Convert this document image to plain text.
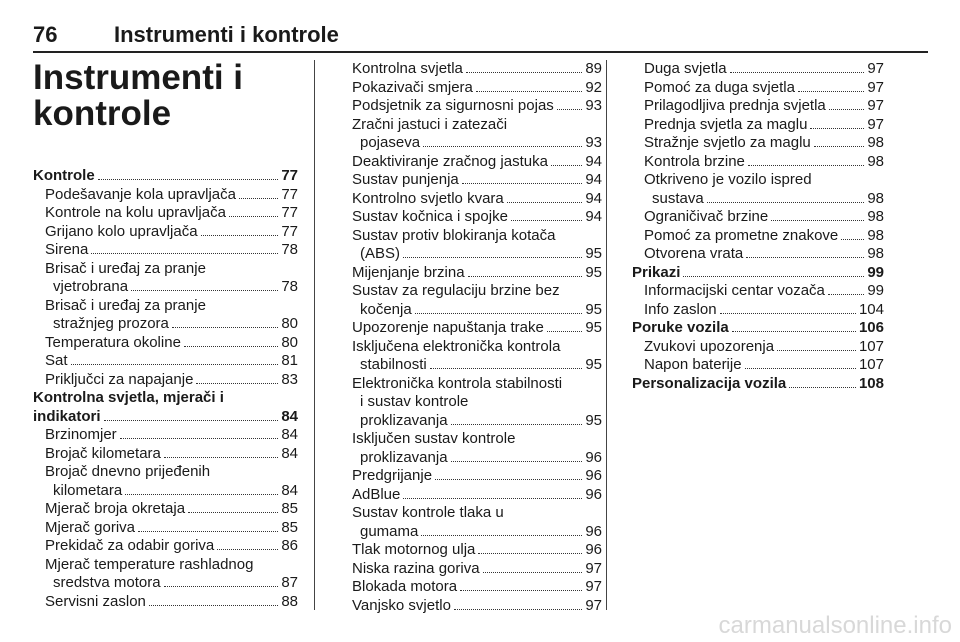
76	Instrumenti i kontrole
Instrumenti i
kontrole
Kontrole	77
Podešavanje kola upravljača	77
Kontrole na kolu upravljača	77
Grijano kolo upravljača	77
Sirena	78
Brisač i uređaj za pranje
vjetrobrana	78
Brisač i uređaj za pranje
stražnjeg prozora	80
Temperatura okoline	80
Sat	81
Priključci za napajanje	83
Kontrolna svjetla, mjerači i
indikatori	84
Brzinomjer	84
Brojač kilometara	84
Brojač dnevno prijeđenih
kilometara	84
Mjerač broja okretaja	85
Mjerač goriva	85
Prekidač za odabir goriva	86
Mjerač temperature rashladnog
sredstva motora	87
Servisni zaslon	88
Kontrolna svjetla	89
Pokazivači smjera	92
Podsjetnik za sigurnosni pojas 93
Zračni jastuci i zatezači
pojaseva	93
Deaktiviranje zračnog jastuka 94
Sustav punjenja	94
Kontrolno svjetlo kvara	94
Sustav kočnica i spojke	94
Sustav protiv blokiranja kotača
(ABS)	95
Mijenjanje brzina	95
Sustav za regulaciju brzine bez
kočenja	95
Upozorenje napuštanja trake	95
Isključena elektronička kontrola
stabilnosti	95
Elektronička kontrola stabilnosti
i sustav kontrole
proklizavanja	95
Isključen sustav kontrole
proklizavanja	96
Predgrijanje	96
AdBlue	96
Sustav kontrole tlaka u
gumama	96
Tlak motornog ulja	96
Niska razina goriva	97
Blokada motora	97
Vanjsko svjetlo	97
Duga svjetla	97
Pomoć za duga svjetla	97
Prilagodljiva prednja svjetla	97
Prednja svjetla za maglu	97
Stražnje svjetlo za maglu	98
Kontrola brzine	98
Otkriveno je vozilo ispred
sustava	98
Ograničivač brzine	98
Pomoć za prometne znakove 98
Otvorena vrata	98
Prikazi	99
Informacijski centar vozača	99
Info zaslon	104
Poruke vozila	106
Zvukovi upozorenja	107
Napon baterije	107
Personalizacija vozila	108
carmanualsonline.info
